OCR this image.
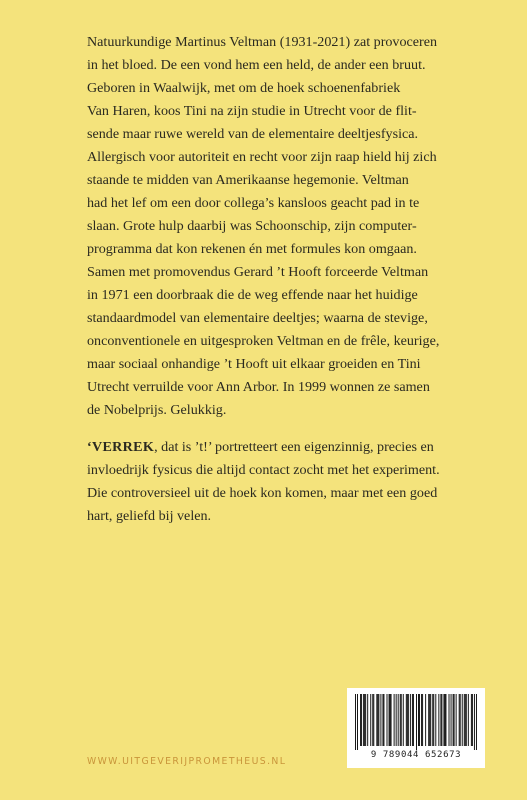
Natuurkundige Martinus Veltman (1931-2021) zat provoceren
in het bloed. De een vond hem een held, de ander een bruut.
Geboren in Waalwijk, met om de hoek schoenenfabriek
Van Haren, koos Tini na zijn studie in Utrecht voor de flit-
sende maar ruwe wereld van de elementaire deeltjesfysica.
Allergisch voor autoriteit en recht voor zijn raap hield hij zich
staande te midden van Amerikaanse hegemonie. Veltman
had het lef om een door collega’s kansloos geacht pad in te
slaan. Grote hulp daarbij was Schoonschip, zijn computer-
programma dat kon rekenen én met formules kon omgaan.
Samen met promovendus Gerard ’t Hooft forceerde Veltman
in 1971 een doorbraak die de weg effende naar het huidige
standaardmodel van elementaire deeltjes; waarna de stevige,
onconventionele en uitgesproken Veltman en de frêle, keurige,
maar sociaal onhandige ’t Hooft uit elkaar groeiden en Tini
Utrecht verruilde voor Ann Arbor. In 1999 wonnen ze samen
de Nobelprijs. Gelukkig.
‘VERREK, dat is ’t!’ portretteert een eigenzinnig, precies en
invloedrijk fysicus die altijd contact zocht met het experiment.
Die controversieel uit de hoek kon komen, maar met een goed
hart, geliefd bij velen.
9 789044 652673
WWW.UITGEVERIJPROMETHEUS.NL
